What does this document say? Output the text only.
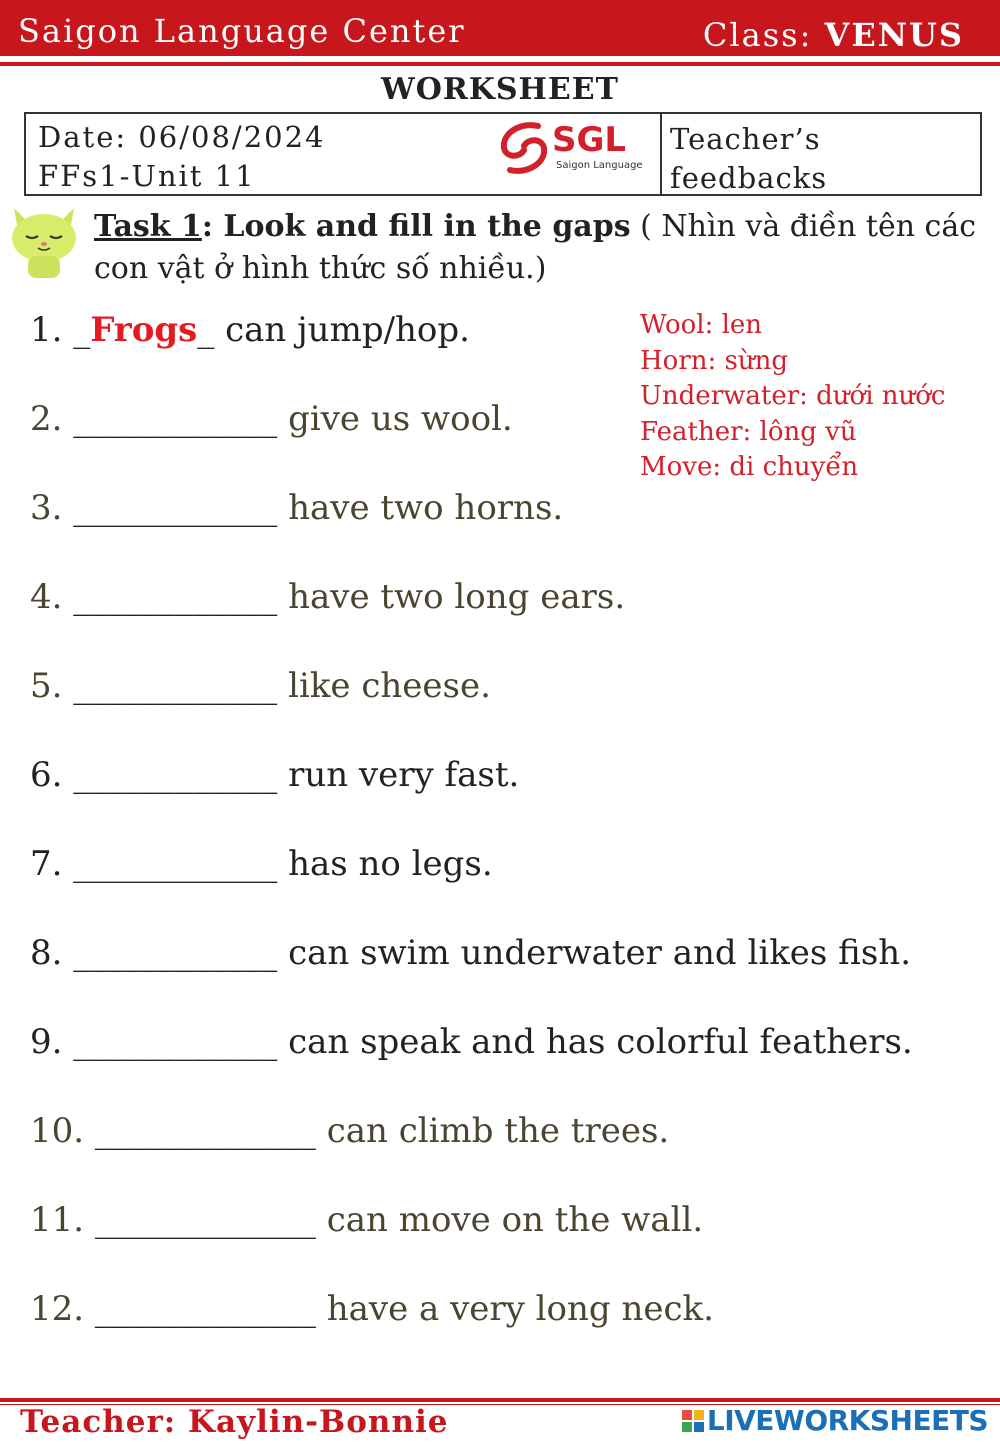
Saigon Language Center	Class: VENUS
WORKSHEET
Date: 06/08/2024
FFs1-Unit 11
SGL
Saigon Language
Teacher’s
feedbacks
Task 1: Look and fill in the gaps ( Nhìn và điền tên các con vật ở hình thức số nhiều.)
Wool: len
Horn: sừng
Underwater: dưới nước
Feather: lông vũ
Move: di chuyển
1. _Frogs_ can jump/hop.
2. ____________ give us wool.
3. ____________ have two horns.
4. ____________ have two long ears.
5. ____________ like cheese.
6. ____________ run very fast.
7. ____________ has no legs.
8. ____________ can swim underwater and likes fish.
9. ____________ can speak and has colorful feathers.
10. _____________ can climb the trees.
11. _____________ can move on the wall.
12. _____________ have a very long neck.
Teacher: Kaylin-Bonnie	LIVEWORKSHEETS
